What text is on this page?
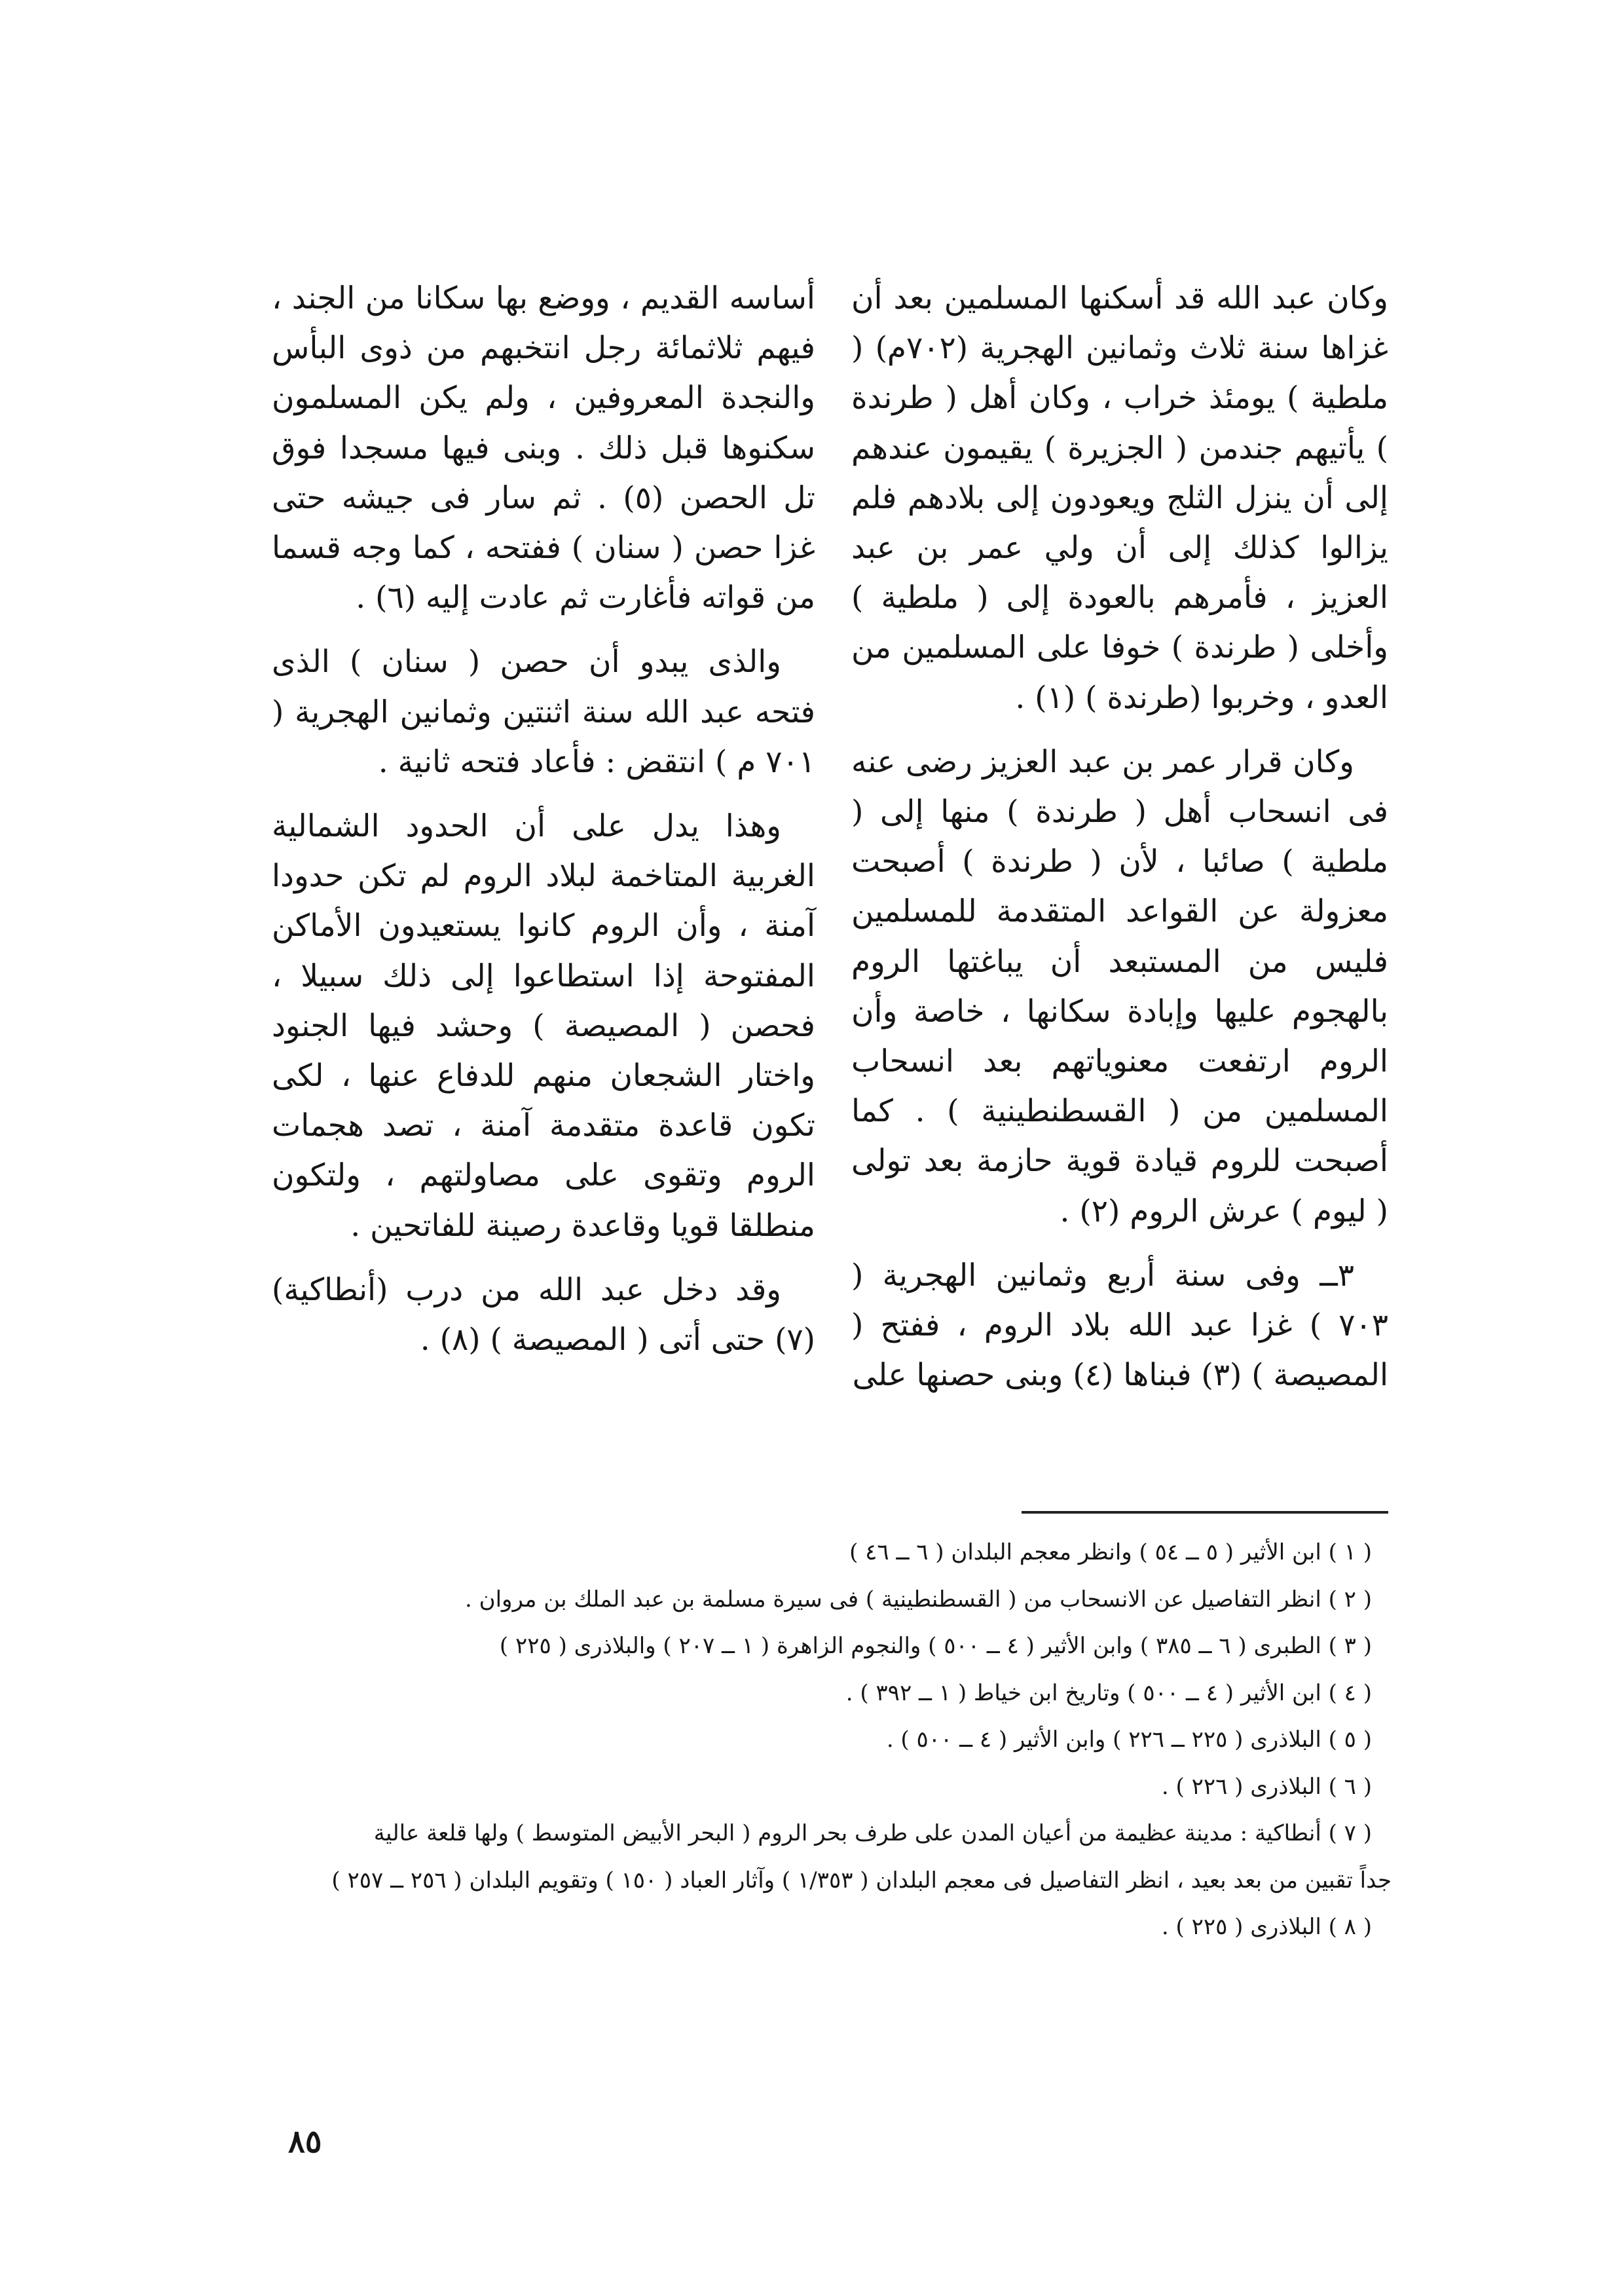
وكان عبد الله قد أسكنها المسلمين بعد أن غزاها سنة ثلاث وثمانين الهجرية (٧٠٢م) ( ملطية ) يومئذ خراب ، وكان أهل ( طرندة ) يأتيهم جندمن ( الجزيرة ) يقيمون عندهم إلى أن ينزل الثلج ويعودون إلى بلادهم فلم يزالوا كذلك إلى أن ولي عمر بن عبد العزيز ، فأمرهم بالعودة إلى ( ملطية ) وأخلى ( طرندة ) خوفا على المسلمين من العدو ، وخربوا (طرندة ) (١) .

وكان قرار عمر بن عبد العزيز رضى عنه فى انسحاب أهل ( طرندة ) منها إلى ( ملطية ) صائبا ، لأن ( طرندة ) أصبحت معزولة عن القواعد المتقدمة للمسلمين فليس من المستبعد أن يباغتها الروم بالهجوم عليها وإبادة سكانها ، خاصة وأن الروم ارتفعت معنوياتهم بعد انسحاب المسلمين من ( القسطنطينية ) . كما أصبحت للروم قيادة قوية حازمة بعد تولى ( ليوم ) عرش الروم (٢) .

٣ــ وفى سنة أربع وثمانين الهجرية ( ٧٠٣ ) غزا عبد الله بلاد الروم ، ففتح ( المصيصة ) (٣) فبناها (٤) وبنى حصنها على

أساسه القديم ، ووضع بها سكانا من الجند ، فيهم ثلاثمائة رجل انتخبهم من ذوى البأس والنجدة المعروفين ، ولم يكن المسلمون سكنوها قبل ذلك . وبنى فيها مسجدا فوق تل الحصن (٥) . ثم سار فى جيشه حتى غزا حصن ( سنان ) ففتحه ، كما وجه قسما من قواته فأغارت ثم عادت إليه (٦) .

والذى يبدو أن حصن ( سنان ) الذى فتحه عبد الله سنة اثنتين وثمانين الهجرية ( ٧٠١ م ) انتقض : فأعاد فتحه ثانية .

وهذا يدل على أن الحدود الشمالية الغربية المتاخمة لبلاد الروم لم تكن حدودا آمنة ، وأن الروم كانوا يستعيدون الأماكن المفتوحة إذا استطاعوا إلى ذلك سبيلا ، فحصن ( المصيصة ) وحشد فيها الجنود واختار الشجعان منهم للدفاع عنها ، لكى تكون قاعدة متقدمة آمنة ، تصد هجمات الروم وتقوى على مصاولتهم ، ولتكون منطلقا قويا وقاعدة رصينة للفاتحين .

وقد دخل عبد الله من درب (أنطاكية) (٧) حتى أتى ( المصيصة ) (٨) .

( ١ ) ابن الأثير ( ٥ ــ ٥٤ ) وانظر معجم البلدان ( ٦ ــ ٤٦ )

( ٢ ) انظر التفاصيل عن الانسحاب من ( القسطنطينية ) فى سيرة مسلمة بن عبد الملك بن مروان .

( ٣ ) الطبرى ( ٦ ــ ٣٨٥ ) وابن الأثير ( ٤ ــ ٥٠٠ ) والنجوم الزاهرة ( ١ ــ ٢٠٧ ) والبلاذرى ( ٢٢٥ )

( ٤ ) ابن الأثير ( ٤ ــ ٥٠٠ ) وتاريخ ابن خياط ( ١ ــ ٣٩٢ ) .

( ٥ ) البلاذرى ( ٢٢٥ ــ ٢٢٦ ) وابن الأثير ( ٤ ــ ٥٠٠ ) .

( ٦ ) البلاذرى ( ٢٢٦ ) .

( ٧ ) أنطاكية : مدينة عظيمة من أعيان المدن على طرف بحر الروم ( البحر الأبيض المتوسط ) ولها قلعة عالية

جداً تقبين من بعد بعيد ، انظر التفاصيل فى معجم البلدان ( ١/٣٥٣ ) وآثار العباد ( ١٥٠ ) وتقويم البلدان ( ٢٥٦ ــ ٢٥٧ )

( ٨ ) البلاذرى ( ٢٢٥ ) .

٨٥
